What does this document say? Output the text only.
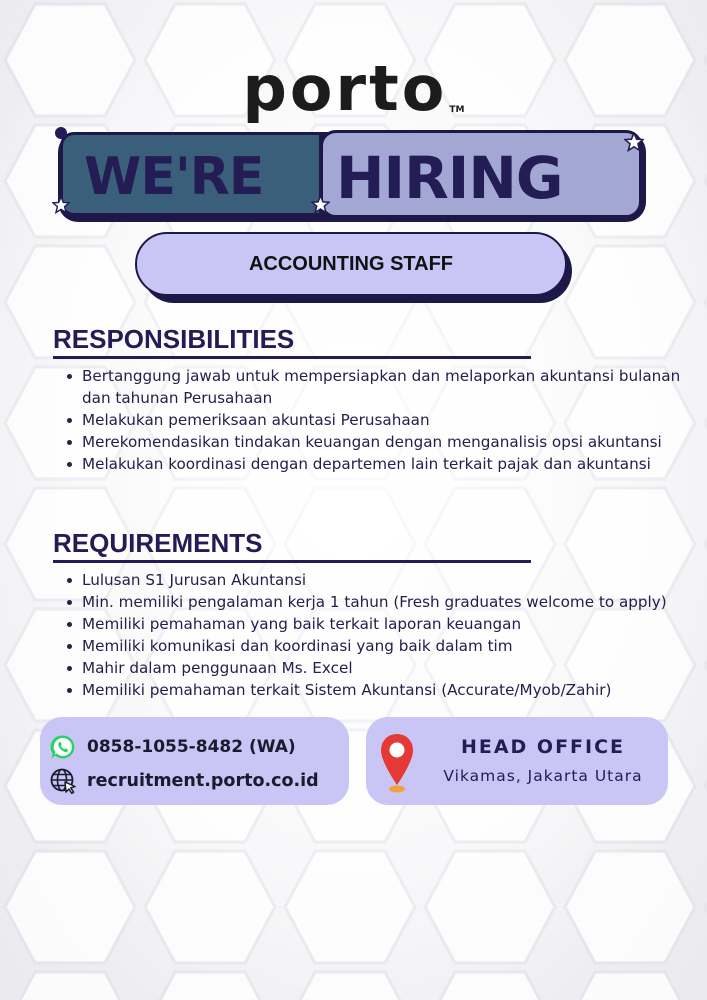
porto TM
WE'RE HIRING
ACCOUNTING STAFF
RESPONSIBILITIES
Bertanggung jawab untuk mempersiapkan dan melaporkan akuntansi bulanan dan tahunan Perusahaan
Melakukan pemeriksaan akuntasi Perusahaan
Merekomendasikan tindakan keuangan dengan menganalisis opsi akuntansi
Melakukan koordinasi dengan departemen lain terkait pajak dan akuntansi
REQUIREMENTS
Lulusan S1 Jurusan Akuntansi
Min. memiliki pengalaman kerja 1 tahun (Fresh graduates welcome to apply)
Memiliki pemahaman yang baik terkait laporan keuangan
Memiliki komunikasi dan koordinasi yang baik dalam tim
Mahir dalam penggunaan Ms. Excel
Memiliki pemahaman terkait Sistem Akuntansi (Accurate/Myob/Zahir)
0858-1055-8482 (WA)
recruitment.porto.co.id
HEAD OFFICE
Vikamas, Jakarta Utara
